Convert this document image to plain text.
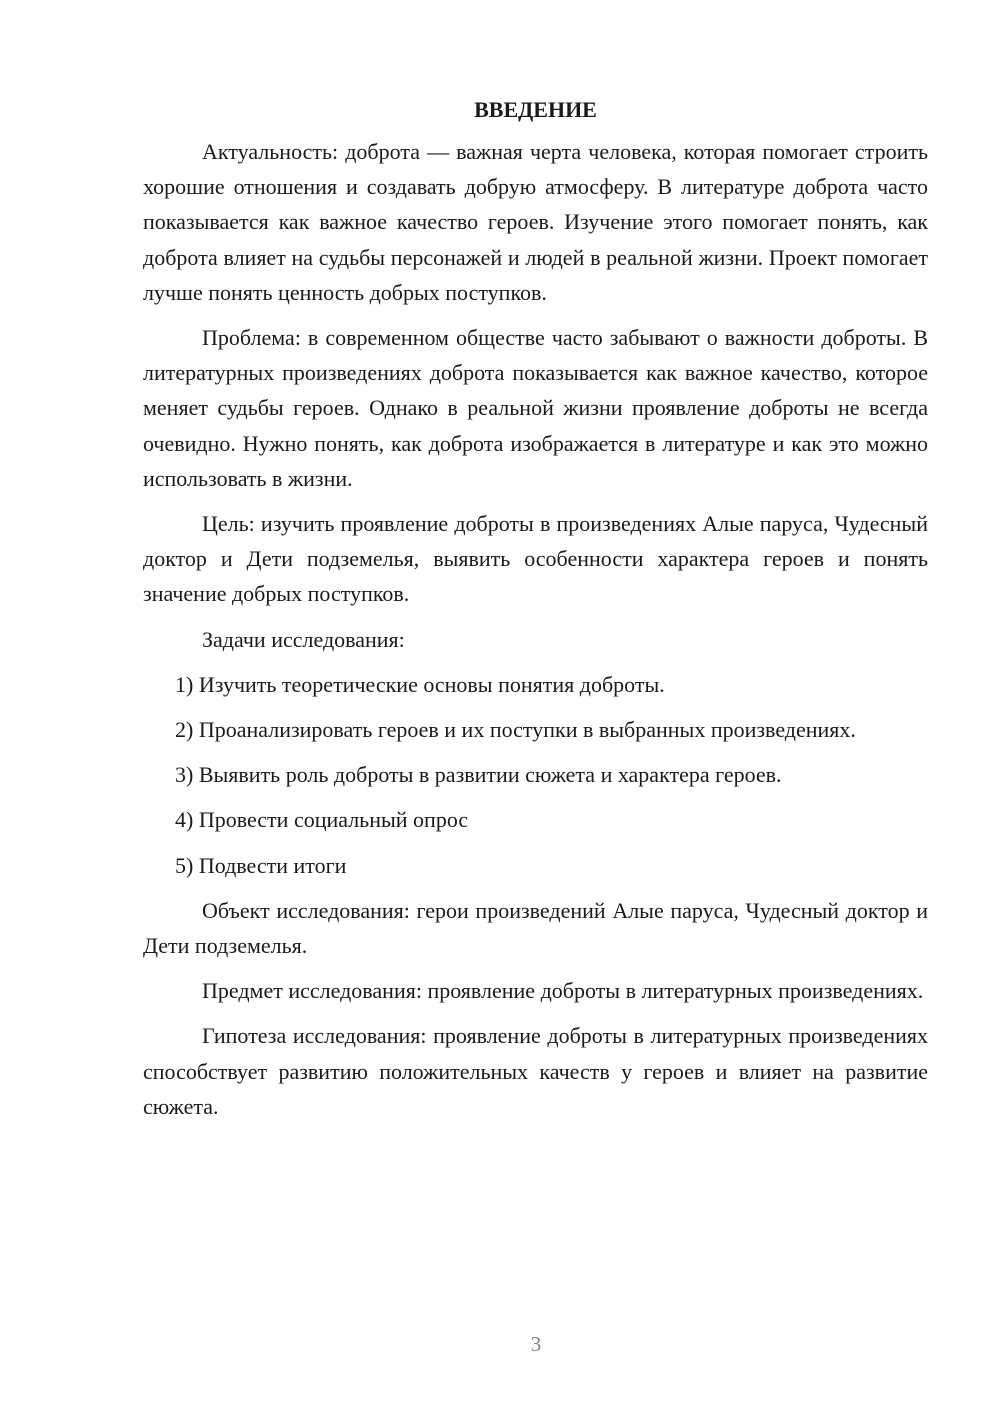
ВВЕДЕНИЕ

Актуальность: доброта — важная черта человека, которая помогает строить хорошие отношения и создавать добрую атмосферу. В литературе доброта часто показывается как важное качество героев. Изучение этого помогает понять, как доброта влияет на судьбы персонажей и людей в реальной жизни. Проект помогает лучше понять ценность добрых поступков.

Проблема: в современном обществе часто забывают о важности доброты. В литературных произведениях доброта показывается как важное качество, которое меняет судьбы героев. Однако в реальной жизни проявление доброты не всегда очевидно. Нужно понять, как доброта изображается в литературе и как это можно использовать в жизни.

Цель: изучить проявление доброты в произведениях Алые паруса, Чудесный доктор и Дети подземелья, выявить особенности характера героев и понять значение добрых поступков.

Задачи исследования:

1) Изучить теоретические основы понятия доброты.

2) Проанализировать героев и их поступки в выбранных произведениях.

3) Выявить роль доброты в развитии сюжета и характера героев.

4) Провести социальный опрос

5) Подвести итоги

Объект исследования: герои произведений Алые паруса, Чудесный доктор и Дети подземелья.

Предмет исследования: проявление доброты в литературных произведениях.

Гипотеза исследования: проявление доброты в литературных произведениях способствует развитию положительных качеств у героев и влияет на развитие сюжета.

3
